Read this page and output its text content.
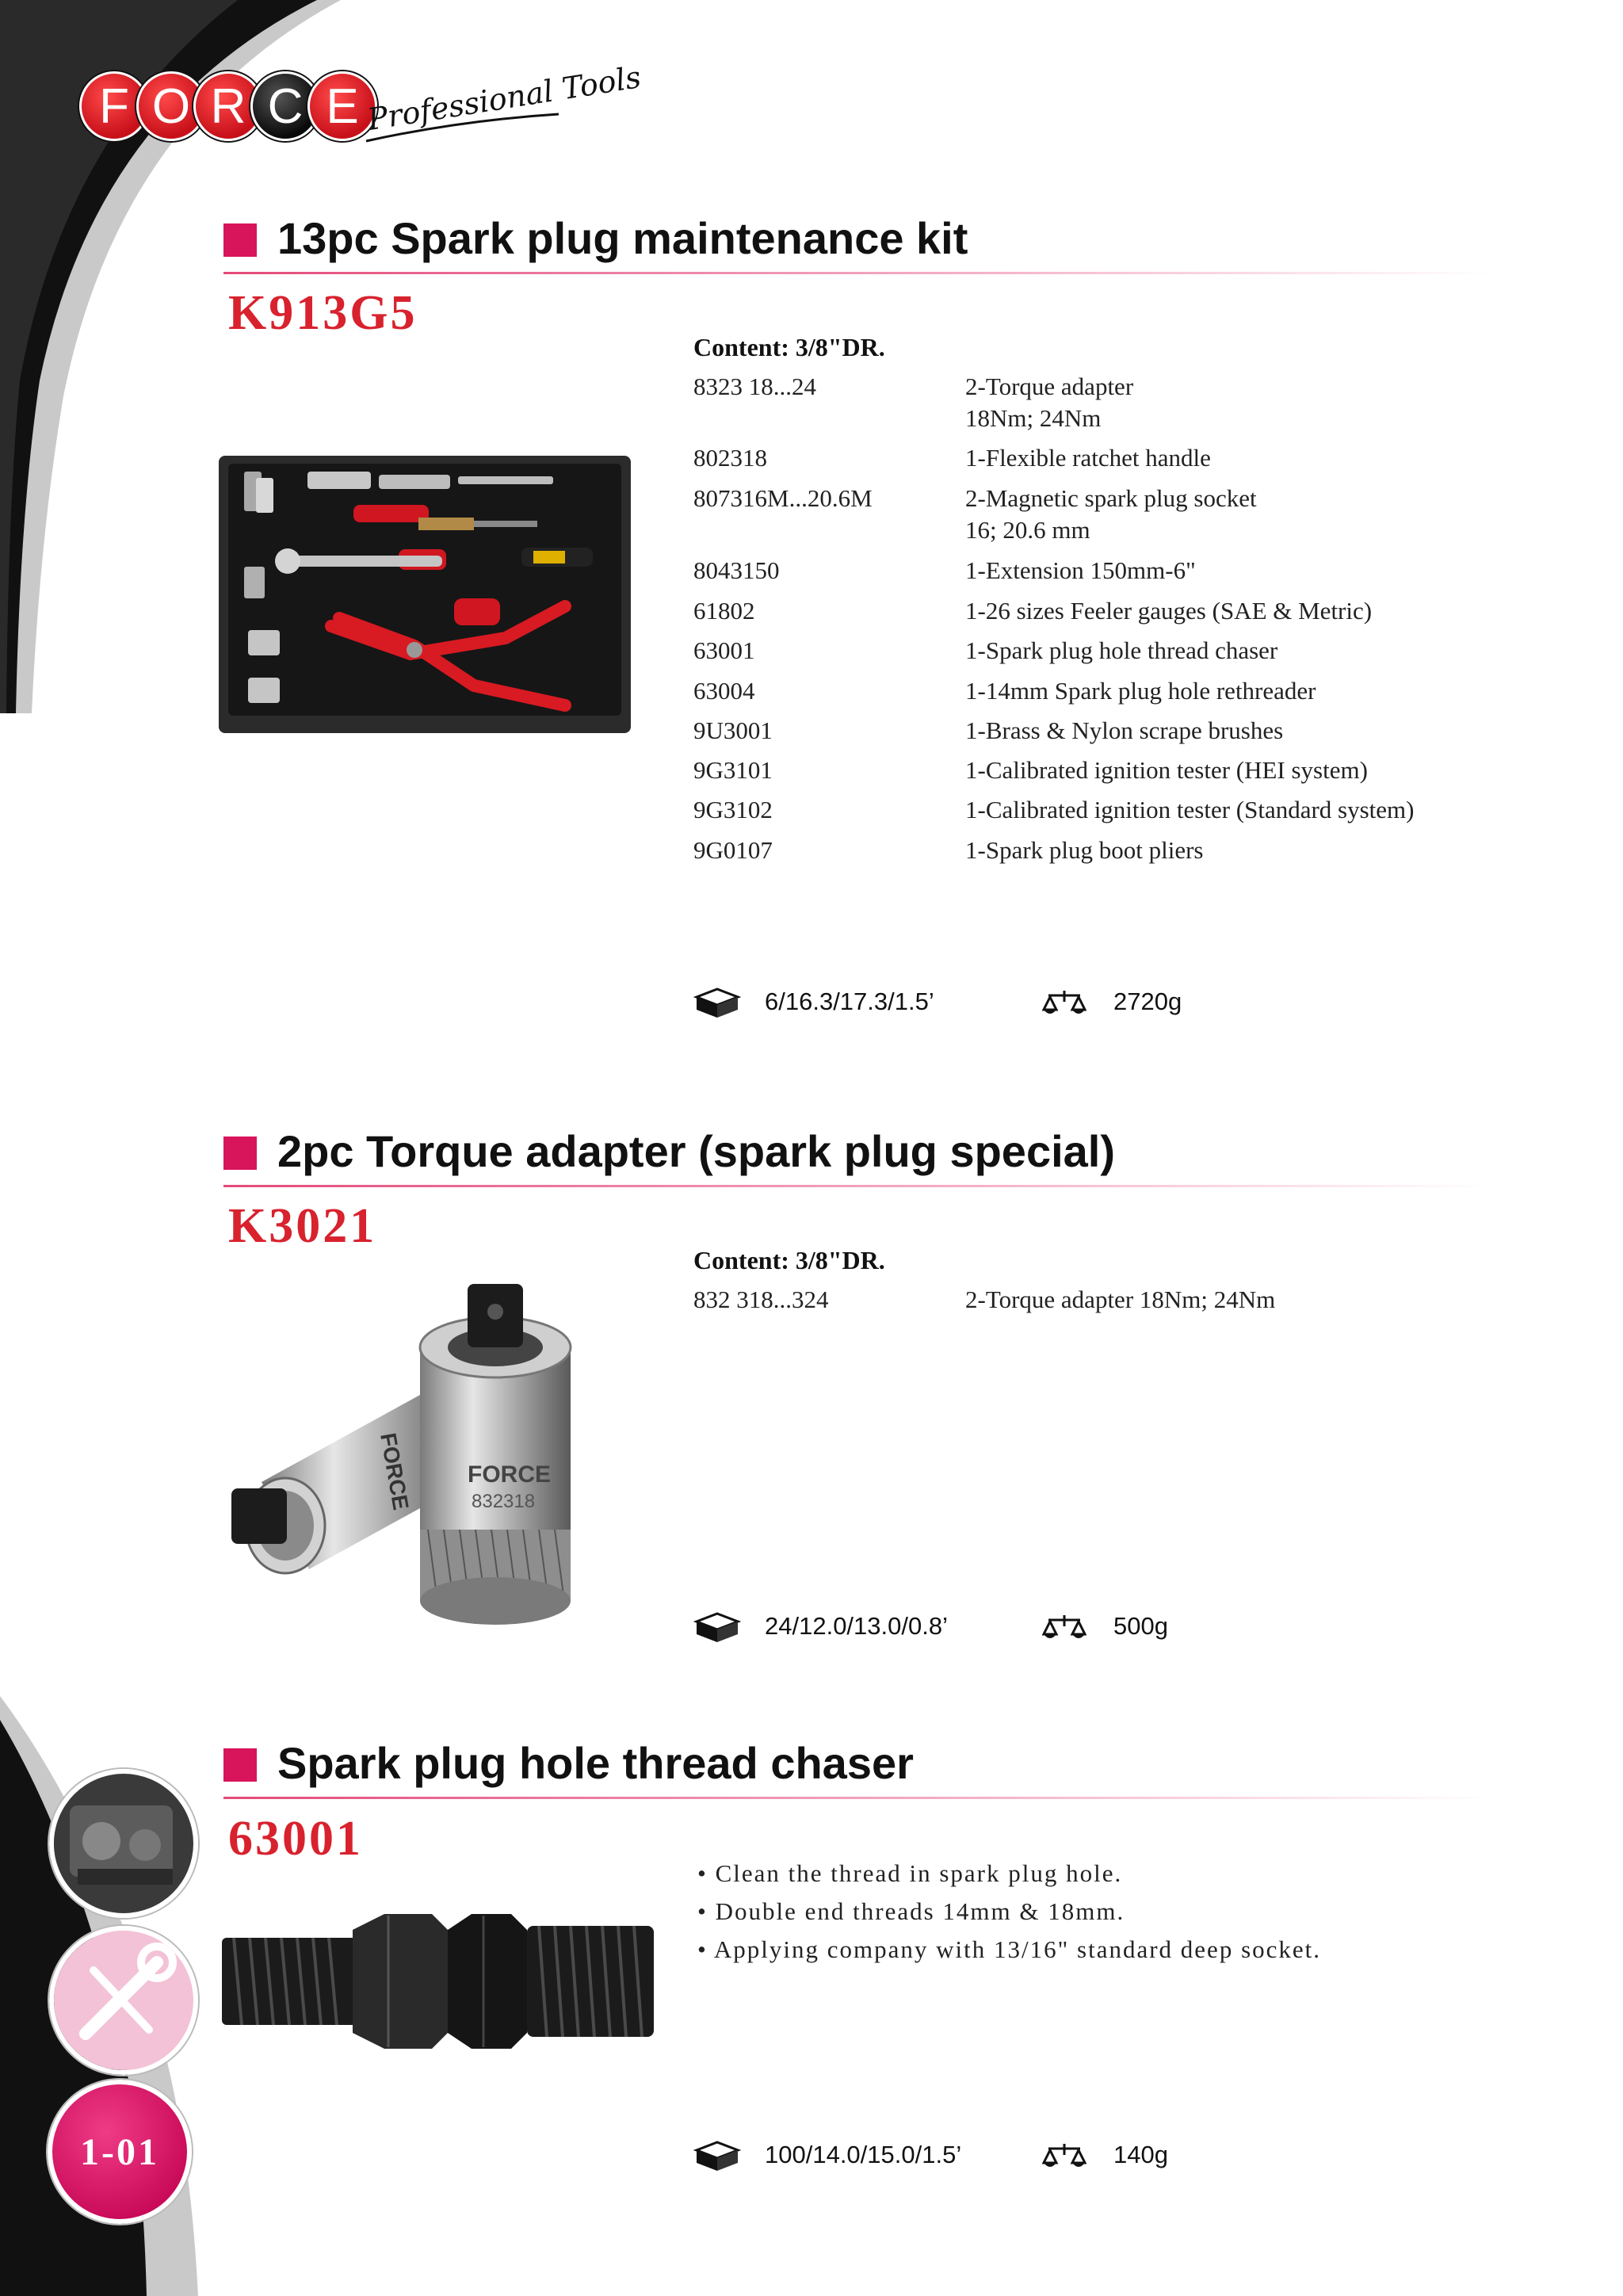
F O R C E Professional Tools
13pc Spark plug maintenance kit
K913G5
Content: 3/8"DR.
8323 18...24	2-Torque adapter
18Nm; 24Nm
802318	1-Flexible ratchet handle
807316M...20.6M	2-Magnetic spark plug socket
16; 20.6 mm
8043150	1-Extension 150mm-6"
61802	1-26 sizes Feeler gauges (SAE & Metric)
63001	1-Spark plug hole thread chaser
63004	1-14mm Spark plug hole rethreader
9U3001	1-Brass & Nylon scrape brushes
9G3101	1-Calibrated ignition tester (HEI system)
9G3102	1-Calibrated ignition tester (Standard system)
9G0107	1-Spark plug boot pliers
6/16.3/17.3/1.5’	2720g
2pc Torque adapter (spark plug special)
K3021
FORCE FORCE
832318
Content: 3/8"DR.
832 318...324	2-Torque adapter 18Nm; 24Nm
24/12.0/13.0/0.8’	500g
Spark plug hole thread chaser
63001
• Clean the thread in spark plug hole.
• Double end threads 14mm & 18mm.
• Applying company with 13/16" standard deep socket.
100/14.0/15.0/1.5’	140g
1-01
